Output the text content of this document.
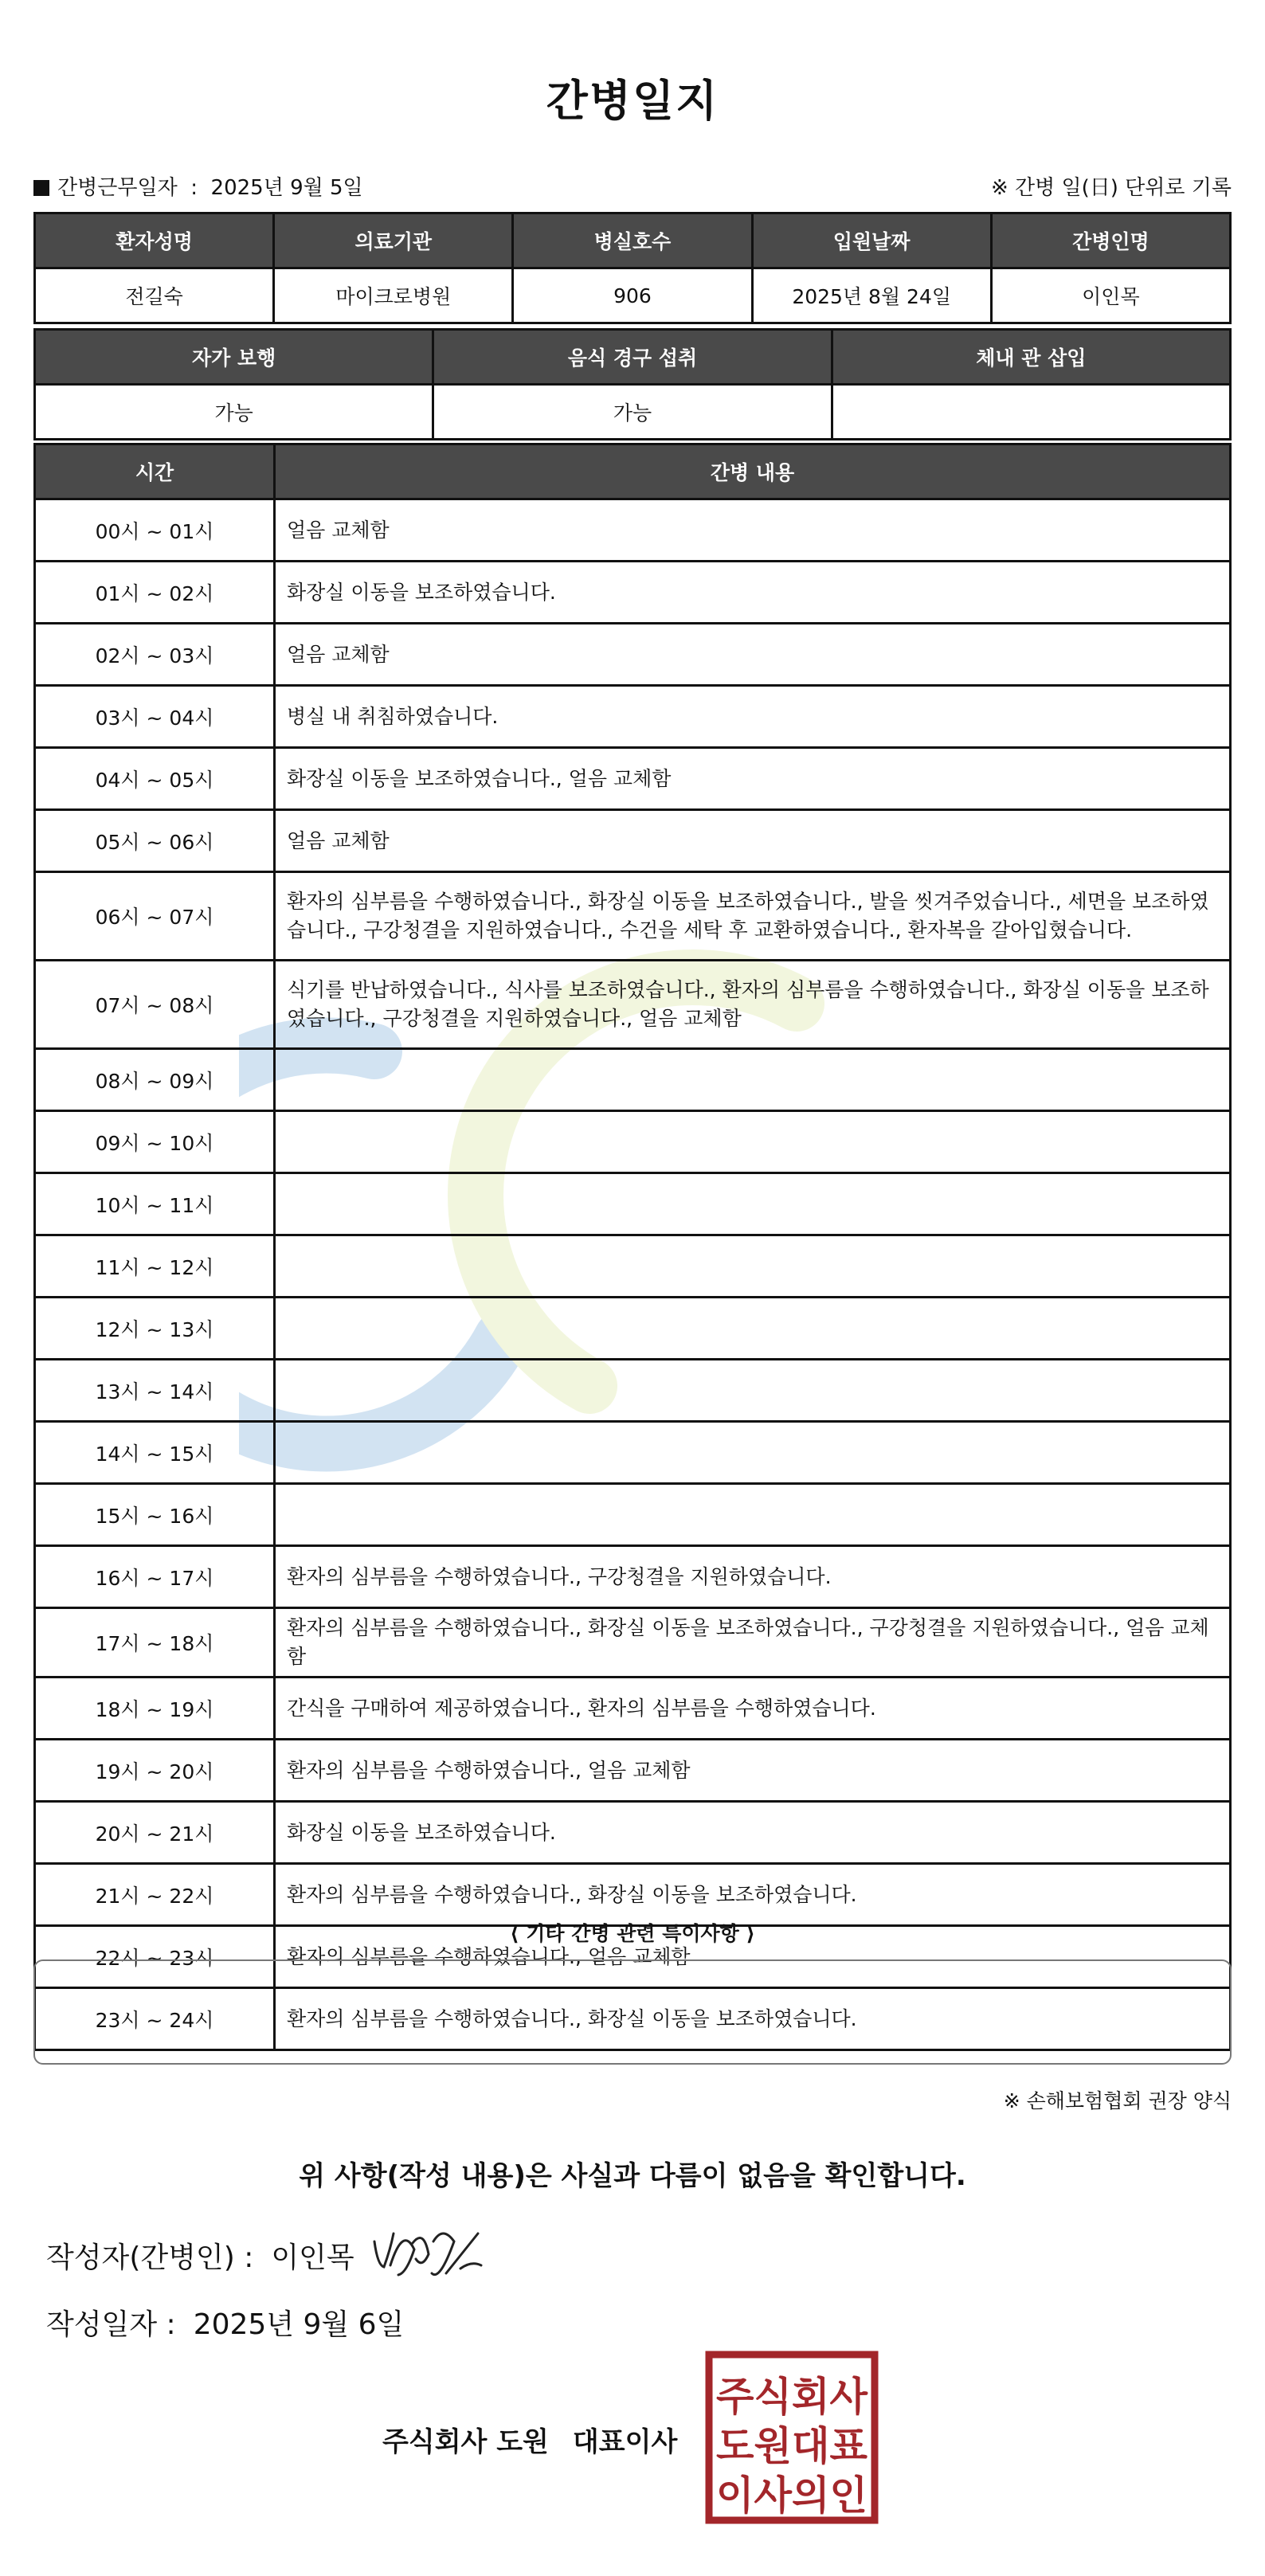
간병일지
간병근무일자 : 2025년 9월 5일	※ 간병 일(日) 단위로 기록
환자성명	의료기관	병실호수	입원날짜	간병인명
전길숙	마이크로병원	906	2025년 8월 24일	이인목
자가 보행	음식 경구 섭취	체내 관 삽입
가능	가능	
시간	간병 내용
00시 ~ 01시	얼음 교체함
01시 ~ 02시	화장실 이동을 보조하였습니다.
02시 ~ 03시	얼음 교체함
03시 ~ 04시	병실 내 취침하였습니다.
04시 ~ 05시	화장실 이동을 보조하였습니다., 얼음 교체함
05시 ~ 06시	얼음 교체함
06시 ~ 07시	환자의 심부름을 수행하였습니다., 화장실 이동을 보조하였습니다., 발을 씻겨주었습니다., 세면을 보조하였습니다., 구강청결을 지원하였습니다., 수건을 세탁 후 교환하였습니다., 환자복을 갈아입혔습니다.
07시 ~ 08시	식기를 반납하였습니다., 식사를 보조하였습니다., 환자의 심부름을 수행하였습니다., 화장실 이동을 보조하였습니다., 구강청결을 지원하였습니다., 얼음 교체함
08시 ~ 09시	
09시 ~ 10시	
10시 ~ 11시	
11시 ~ 12시	
12시 ~ 13시	
13시 ~ 14시	
14시 ~ 15시	
15시 ~ 16시	
16시 ~ 17시	환자의 심부름을 수행하였습니다., 구강청결을 지원하였습니다.
17시 ~ 18시	환자의 심부름을 수행하였습니다., 화장실 이동을 보조하였습니다., 구강청결을 지원하였습니다., 얼음 교체함
18시 ~ 19시	간식을 구매하여 제공하였습니다., 환자의 심부름을 수행하였습니다.
19시 ~ 20시	환자의 심부름을 수행하였습니다., 얼음 교체함
20시 ~ 21시	화장실 이동을 보조하였습니다.
21시 ~ 22시	환자의 심부름을 수행하였습니다., 화장실 이동을 보조하였습니다.
22시 ~ 23시	환자의 심부름을 수행하였습니다., 얼음 교체함
23시 ~ 24시	환자의 심부름을 수행하였습니다., 화장실 이동을 보조하였습니다.
⟨ 기타 간병 관련 특이사항 ⟩
※ 손해보험협회 권장 양식
위 사항(작성 내용)은 사실과 다름이 없음을 확인합니다.
작성자(간병인) : 이인목
작성일자 : 2025년 9월 6일
주식회사 도원 대표이사
주식회사
도원대표
이사의인
